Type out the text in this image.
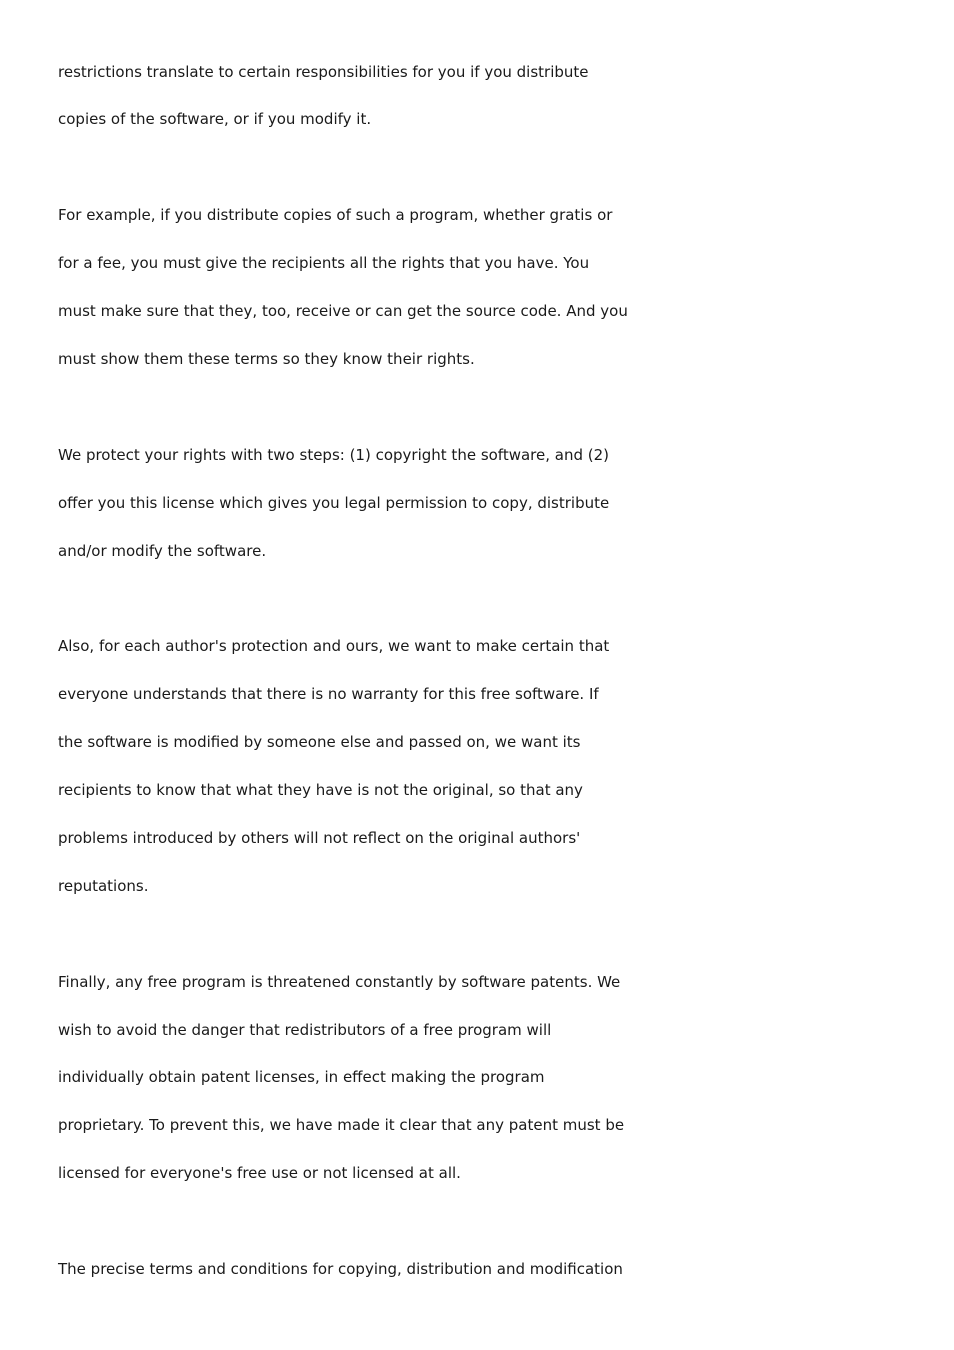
restrictions translate to certain responsibilities for you if you distribute

copies of the software, or if you modify it.

For example, if you distribute copies of such a program, whether gratis or

for a fee, you must give the recipients all the rights that you have. You

must make sure that they, too, receive or can get the source code. And you

must show them these terms so they know their rights.

We protect your rights with two steps: (1) copyright the software, and (2)

offer you this license which gives you legal permission to copy, distribute

and/or modify the software.

Also, for each author's protection and ours, we want to make certain that

everyone understands that there is no warranty for this free software. If

the software is modified by someone else and passed on, we want its

recipients to know that what they have is not the original, so that any

problems introduced by others will not reflect on the original authors'

reputations.

Finally, any free program is threatened constantly by software patents. We

wish to avoid the danger that redistributors of a free program will

individually obtain patent licenses, in effect making the program

proprietary. To prevent this, we have made it clear that any patent must be

licensed for everyone's free use or not licensed at all.

The precise terms and conditions for copying, distribution and modification
